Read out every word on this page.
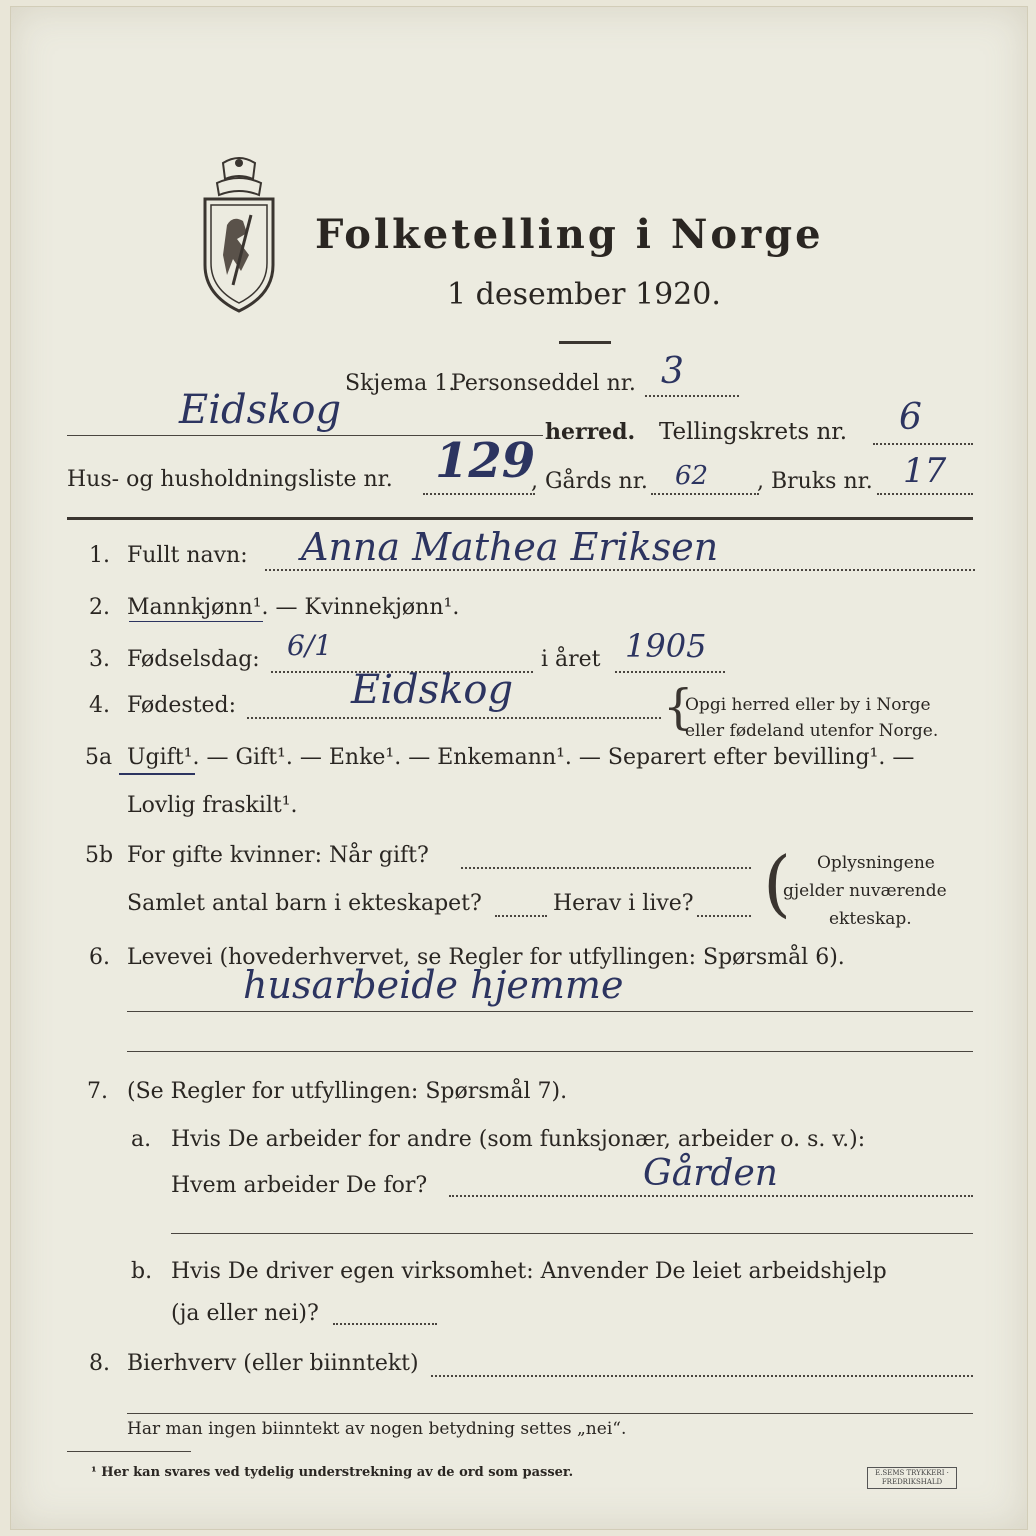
Folketelling i Norge
1 desember 1920.
Skjema 1.
Personseddel nr. 3
Eidskog	herred. Tellingskrets nr. 6
Hus- og husholdningsliste nr. 129
, Gårds nr. 62 , Bruks nr. 17
1. Fullt navn: Anna Mathea Eriksen
2. Mannkjønn¹. — Kvinnekjønn¹.
3. Fødselsdag: 6/1	i året 1905
4. Fødested:	Eidskog	{
Opgi herred eller by i Norge
eller fødeland utenfor Norge.
5a Ugift¹. — Gift¹. — Enke¹. — Enkemann¹. — Separert efter bevilling¹. —
Lovlig fraskilt¹.
5b For gifte kvinner: Når gift?
Samlet antal barn i ekteskapet?	Herav i live? ( Oplysningene
gjelder nuværende
ekteskap.
6. Levevei (hovederhvervet, se Regler for utfyllingen: Spørsmål 6).
husarbeide hjemme
7. (Se Regler for utfyllingen: Spørsmål 7).
a. Hvis De arbeider for andre (som funksjonær, arbeider o. s. v.):
Hvem arbeider De for?	Gården
b. Hvis De driver egen virksomhet: Anvender De leiet arbeidshjelp
(ja eller nei)?
8. Bierhverv (eller biinntekt)
Har man ingen biinntekt av nogen betydning settes „nei“.
¹ Her kan svares ved tydelig understrekning av de ord som passer.	E.SEMS TRYKKERI · FREDRIKSHALD
